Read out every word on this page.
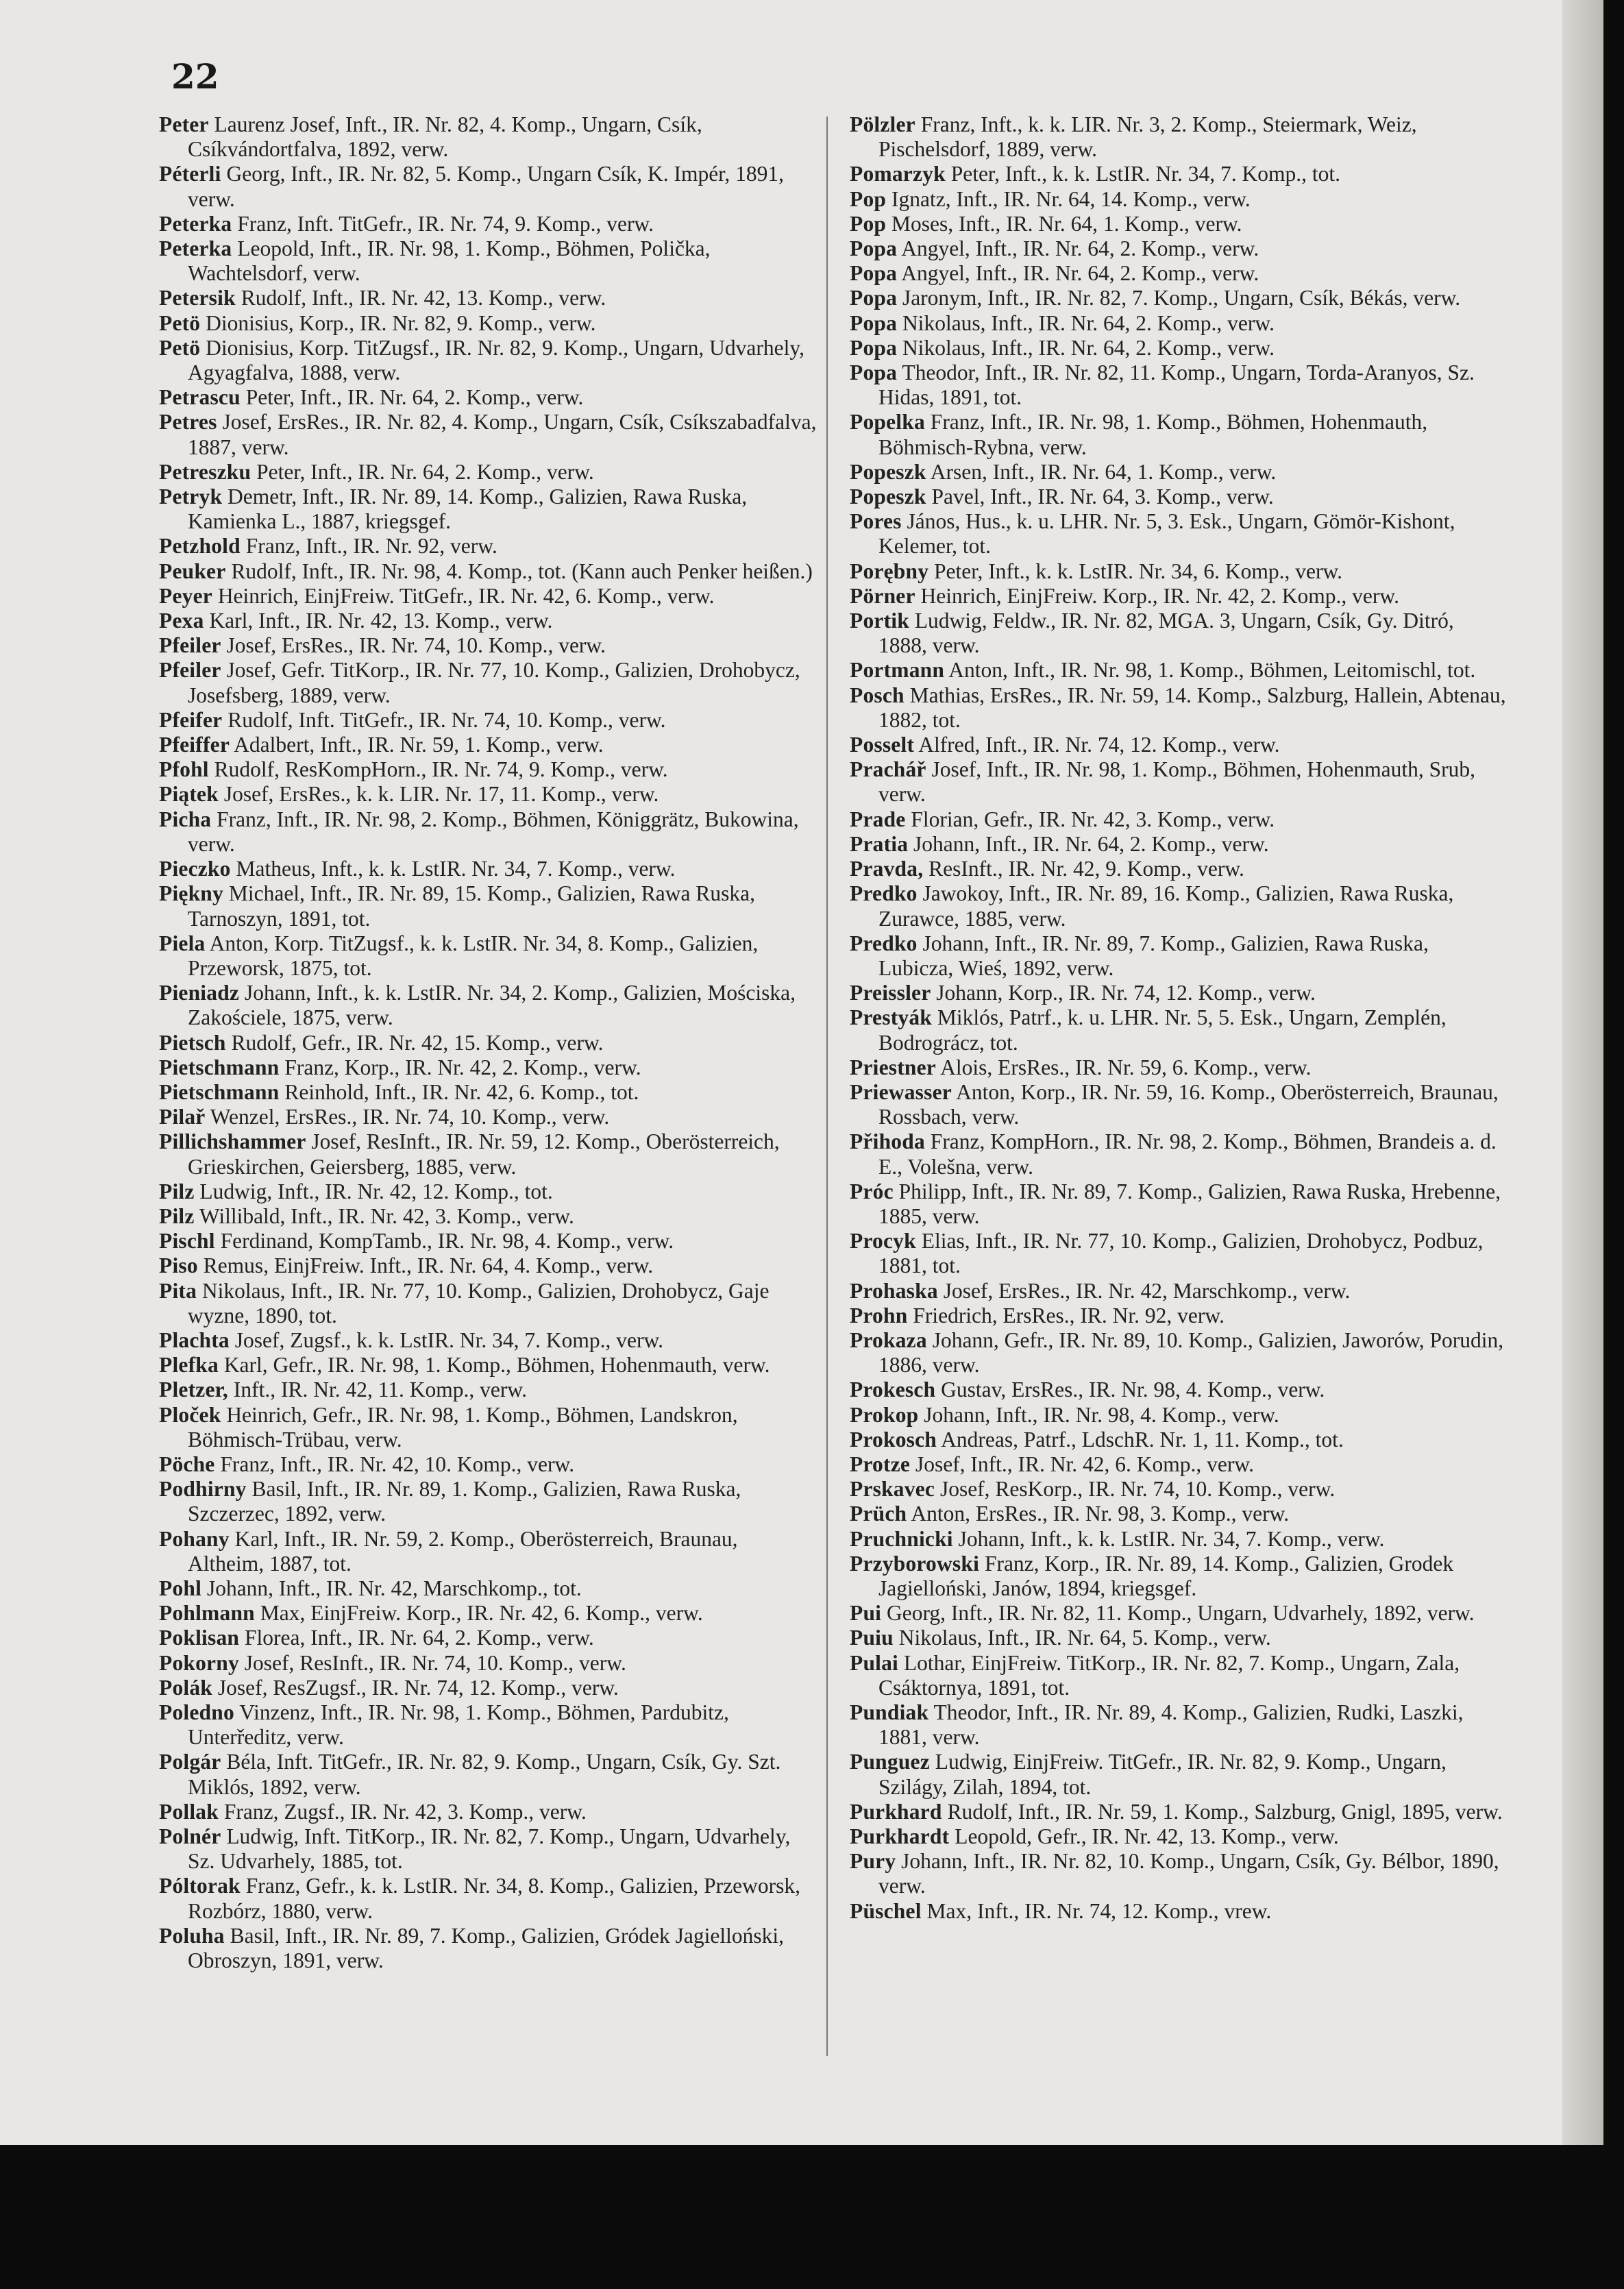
22

Peter Laurenz Josef, Inft., IR. Nr. 82, 4. Komp., Ungarn, Csík, Csíkvándortfalva, 1892, verw.

Péterli Georg, Inft., IR. Nr. 82, 5. Komp., Ungarn Csík, K. Impér, 1891, verw.

Peterka Franz, Inft. TitGefr., IR. Nr. 74, 9. Komp., verw.

Peterka Leopold, Inft., IR. Nr. 98, 1. Komp., Böhmen, Polička, Wachtelsdorf, verw.

Petersik Rudolf, Inft., IR. Nr. 42, 13. Komp., verw.

Petö Dionisius, Korp., IR. Nr. 82, 9. Komp., verw.

Petö Dionisius, Korp. TitZugsf., IR. Nr. 82, 9. Komp., Ungarn, Udvarhely, Agyagfalva, 1888, verw.

Petrascu Peter, Inft., IR. Nr. 64, 2. Komp., verw.

Petres Josef, ErsRes., IR. Nr. 82, 4. Komp., Ungarn, Csík, Csíkszabadfalva, 1887, verw.

Petreszku Peter, Inft., IR. Nr. 64, 2. Komp., verw.

Petryk Demetr, Inft., IR. Nr. 89, 14. Komp., Galizien, Rawa Ruska, Kamienka L., 1887, kriegsgef.

Petzhold Franz, Inft., IR. Nr. 92, verw.

Peuker Rudolf, Inft., IR. Nr. 98, 4. Komp., tot. (Kann auch Penker heißen.)

Peyer Heinrich, EinjFreiw. TitGefr., IR. Nr. 42, 6. Komp., verw.

Pexa Karl, Inft., IR. Nr. 42, 13. Komp., verw.

Pfeiler Josef, ErsRes., IR. Nr. 74, 10. Komp., verw.

Pfeiler Josef, Gefr. TitKorp., IR. Nr. 77, 10. Komp., Galizien, Drohobycz, Josefsberg, 1889, verw.

Pfeifer Rudolf, Inft. TitGefr., IR. Nr. 74, 10. Komp., verw.

Pfeiffer Adalbert, Inft., IR. Nr. 59, 1. Komp., verw.

Pfohl Rudolf, ResKompHorn., IR. Nr. 74, 9. Komp., verw.

Piątek Josef, ErsRes., k. k. LIR. Nr. 17, 11. Komp., verw.

Picha Franz, Inft., IR. Nr. 98, 2. Komp., Böhmen, Königgrätz, Bukowina, verw.

Pieczko Matheus, Inft., k. k. LstIR. Nr. 34, 7. Komp., verw.

Piękny Michael, Inft., IR. Nr. 89, 15. Komp., Galizien, Rawa Ruska, Tarnoszyn, 1891, tot.

Piela Anton, Korp. TitZugsf., k. k. LstIR. Nr. 34, 8. Komp., Galizien, Przeworsk, 1875, tot.

Pieniadz Johann, Inft., k. k. LstIR. Nr. 34, 2. Komp., Galizien, Mościska, Zakościele, 1875, verw.

Pietsch Rudolf, Gefr., IR. Nr. 42, 15. Komp., verw.

Pietschmann Franz, Korp., IR. Nr. 42, 2. Komp., verw.

Pietschmann Reinhold, Inft., IR. Nr. 42, 6. Komp., tot.

Pilař Wenzel, ErsRes., IR. Nr. 74, 10. Komp., verw.

Pillichshammer Josef, ResInft., IR. Nr. 59, 12. Komp., Oberösterreich, Grieskirchen, Geiersberg, 1885, verw.

Pilz Ludwig, Inft., IR. Nr. 42, 12. Komp., tot.

Pilz Willibald, Inft., IR. Nr. 42, 3. Komp., verw.

Pischl Ferdinand, KompTamb., IR. Nr. 98, 4. Komp., verw.

Piso Remus, EinjFreiw. Inft., IR. Nr. 64, 4. Komp., verw.

Pita Nikolaus, Inft., IR. Nr. 77, 10. Komp., Galizien, Drohobycz, Gaje wyzne, 1890, tot.

Plachta Josef, Zugsf., k. k. LstIR. Nr. 34, 7. Komp., verw.

Plefka Karl, Gefr., IR. Nr. 98, 1. Komp., Böhmen, Hohenmauth, verw.

Pletzer, Inft., IR. Nr. 42, 11. Komp., verw.

Ploček Heinrich, Gefr., IR. Nr. 98, 1. Komp., Böhmen, Landskron, Böhmisch-Trübau, verw.

Pöche Franz, Inft., IR. Nr. 42, 10. Komp., verw.

Podhirny Basil, Inft., IR. Nr. 89, 1. Komp., Galizien, Rawa Ruska, Szczerzec, 1892, verw.

Pohany Karl, Inft., IR. Nr. 59, 2. Komp., Oberösterreich, Braunau, Altheim, 1887, tot.

Pohl Johann, Inft., IR. Nr. 42, Marschkomp., tot.

Pohlmann Max, EinjFreiw. Korp., IR. Nr. 42, 6. Komp., verw.

Poklisan Florea, Inft., IR. Nr. 64, 2. Komp., verw.

Pokorny Josef, ResInft., IR. Nr. 74, 10. Komp., verw.

Polák Josef, ResZugsf., IR. Nr. 74, 12. Komp., verw.

Poledno Vinzenz, Inft., IR. Nr. 98, 1. Komp., Böhmen, Pardubitz, Unterředitz, verw.

Polgár Béla, Inft. TitGefr., IR. Nr. 82, 9. Komp., Ungarn, Csík, Gy. Szt. Miklós, 1892, verw.

Pollak Franz, Zugsf., IR. Nr. 42, 3. Komp., verw.

Polnér Ludwig, Inft. TitKorp., IR. Nr. 82, 7. Komp., Ungarn, Udvarhely, Sz. Udvarhely, 1885, tot.

Póltorak Franz, Gefr., k. k. LstIR. Nr. 34, 8. Komp., Galizien, Przeworsk, Rozbórz, 1880, verw.

Poluha Basil, Inft., IR. Nr. 89, 7. Komp., Galizien, Gródek Jagielloński, Obroszyn, 1891, verw.

Pölzler Franz, Inft., k. k. LIR. Nr. 3, 2. Komp., Steiermark, Weiz, Pischelsdorf, 1889, verw.

Pomarzyk Peter, Inft., k. k. LstIR. Nr. 34, 7. Komp., tot.

Pop Ignatz, Inft., IR. Nr. 64, 14. Komp., verw.

Pop Moses, Inft., IR. Nr. 64, 1. Komp., verw.

Popa Angyel, Inft., IR. Nr. 64, 2. Komp., verw.

Popa Angyel, Inft., IR. Nr. 64, 2. Komp., verw.

Popa Jaronym, Inft., IR. Nr. 82, 7. Komp., Ungarn, Csík, Békás, verw.

Popa Nikolaus, Inft., IR. Nr. 64, 2. Komp., verw.

Popa Nikolaus, Inft., IR. Nr. 64, 2. Komp., verw.

Popa Theodor, Inft., IR. Nr. 82, 11. Komp., Ungarn, Torda-Aranyos, Sz. Hidas, 1891, tot.

Popelka Franz, Inft., IR. Nr. 98, 1. Komp., Böhmen, Hohenmauth, Böhmisch-Rybna, verw.

Popeszk Arsen, Inft., IR. Nr. 64, 1. Komp., verw.

Popeszk Pavel, Inft., IR. Nr. 64, 3. Komp., verw.

Pores János, Hus., k. u. LHR. Nr. 5, 3. Esk., Ungarn, Gömör-Kishont, Kelemer, tot.

Porębny Peter, Inft., k. k. LstIR. Nr. 34, 6. Komp., verw.

Pörner Heinrich, EinjFreiw. Korp., IR. Nr. 42, 2. Komp., verw.

Portik Ludwig, Feldw., IR. Nr. 82, MGA. 3, Ungarn, Csík, Gy. Ditró, 1888, verw.

Portmann Anton, Inft., IR. Nr. 98, 1. Komp., Böhmen, Leitomischl, tot.

Posch Mathias, ErsRes., IR. Nr. 59, 14. Komp., Salzburg, Hallein, Abtenau, 1882, tot.

Posselt Alfred, Inft., IR. Nr. 74, 12. Komp., verw.

Prachář Josef, Inft., IR. Nr. 98, 1. Komp., Böhmen, Hohenmauth, Srub, verw.

Prade Florian, Gefr., IR. Nr. 42, 3. Komp., verw.

Pratia Johann, Inft., IR. Nr. 64, 2. Komp., verw.

Pravda, ResInft., IR. Nr. 42, 9. Komp., verw.

Predko Jawokoy, Inft., IR. Nr. 89, 16. Komp., Galizien, Rawa Ruska, Zurawce, 1885, verw.

Predko Johann, Inft., IR. Nr. 89, 7. Komp., Galizien, Rawa Ruska, Lubicza, Wieś, 1892, verw.

Preissler Johann, Korp., IR. Nr. 74, 12. Komp., verw.

Prestyák Miklós, Patrf., k. u. LHR. Nr. 5, 5. Esk., Ungarn, Zemplén, Bodrográcz, tot.

Priestner Alois, ErsRes., IR. Nr. 59, 6. Komp., verw.

Priewasser Anton, Korp., IR. Nr. 59, 16. Komp., Oberösterreich, Braunau, Rossbach, verw.

Přihoda Franz, KompHorn., IR. Nr. 98, 2. Komp., Böhmen, Brandeis a. d. E., Volešna, verw.

Próc Philipp, Inft., IR. Nr. 89, 7. Komp., Galizien, Rawa Ruska, Hrebenne, 1885, verw.

Procyk Elias, Inft., IR. Nr. 77, 10. Komp., Galizien, Drohobycz, Podbuz, 1881, tot.

Prohaska Josef, ErsRes., IR. Nr. 42, Marschkomp., verw.

Prohn Friedrich, ErsRes., IR. Nr. 92, verw.

Prokaza Johann, Gefr., IR. Nr. 89, 10. Komp., Galizien, Jaworów, Porudin, 1886, verw.

Prokesch Gustav, ErsRes., IR. Nr. 98, 4. Komp., verw.

Prokop Johann, Inft., IR. Nr. 98, 4. Komp., verw.

Prokosch Andreas, Patrf., LdschR. Nr. 1, 11. Komp., tot.

Protze Josef, Inft., IR. Nr. 42, 6. Komp., verw.

Prskavec Josef, ResKorp., IR. Nr. 74, 10. Komp., verw.

Prüch Anton, ErsRes., IR. Nr. 98, 3. Komp., verw.

Pruchnicki Johann, Inft., k. k. LstIR. Nr. 34, 7. Komp., verw.

Przyborowski Franz, Korp., IR. Nr. 89, 14. Komp., Galizien, Grodek Jagielloński, Janów, 1894, kriegsgef.

Pui Georg, Inft., IR. Nr. 82, 11. Komp., Ungarn, Udvarhely, 1892, verw.

Puiu Nikolaus, Inft., IR. Nr. 64, 5. Komp., verw.

Pulai Lothar, EinjFreiw. TitKorp., IR. Nr. 82, 7. Komp., Ungarn, Zala, Csáktornya, 1891, tot.

Pundiak Theodor, Inft., IR. Nr. 89, 4. Komp., Galizien, Rudki, Laszki, 1881, verw.

Punguez Ludwig, EinjFreiw. TitGefr., IR. Nr. 82, 9. Komp., Ungarn, Szilágy, Zilah, 1894, tot.

Purkhard Rudolf, Inft., IR. Nr. 59, 1. Komp., Salzburg, Gnigl, 1895, verw.

Purkhardt Leopold, Gefr., IR. Nr. 42, 13. Komp., verw.

Pury Johann, Inft., IR. Nr. 82, 10. Komp., Ungarn, Csík, Gy. Bélbor, 1890, verw.

Püschel Max, Inft., IR. Nr. 74, 12. Komp., vrew.
